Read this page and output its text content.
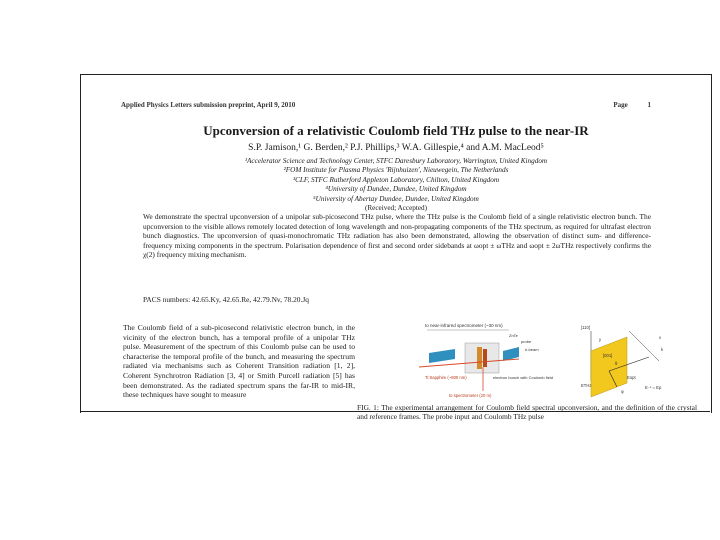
Applied Physics Letters submission preprint, April 9, 2010	Page	1
Upconversion of a relativistic Coulomb field THz pulse to the near-IR
S.P. Jamison,¹ G. Berden,² P.J. Phillips,³ W.A. Gillespie,⁴ and A.M. MacLeod⁵
¹Accelerator Science and Technology Center, STFC Daresbury Laboratory, Warrington, United Kingdom
²FOM Institute for Plasma Physics 'Rijnhuizen', Nieuwegein, The Netherlands
³CLF, STFC Rutherford Appleton Laboratory, Chilton, United Kingdom
⁴University of Dundee, Dundee, United Kingdom
⁵University of Abertay Dundee, Dundee, United Kingdom
(Received; Accepted)
We demonstrate the spectral upconversion of a unipolar sub-picosecond THz pulse, where the THz pulse is the Coulomb field of a single relativistic electron bunch. The upconversion to the visible allows remotely located detection of long wavelength and non-propagating components of the THz spectrum, as required for ultrafast electron bunch diagnostics. The upconversion of quasi-monochromatic THz radiation has also been demonstrated, allowing the observation of distinct sum- and difference-frequency mixing components in the spectrum. Polarisation dependence of first and second order sidebands at ωopt ± ωTHz and ωopt ± 2ωTHz respectively confirms the χ(2) frequency mixing mechanism.
PACS numbers: 42.65.Ky, 42.65.Re, 42.79.Nv, 78.20.Jq
The Coulomb field of a sub-picosecond relativistic electron bunch, in the vicinity of the electron bunch, has a temporal profile of a unipolar THz pulse. Measurement of the spectrum of this Coulomb pulse can be used to characterise the temporal profile of the bunch, and measuring the spectrum radiated via mechanisms such as Coherent Transition radiation [1, 2], Coherent Synchrotron Radiation [3, 4] or Smith Purcell radiation [5] has been demonstrated. As the radiated spectrum spans the far-IR to mid-IR, these techniques have sought to measure
to near-infrared spectrometer (~30 nm)
Ti:Sapphire (~800 nm)	electron bunch with Coulomb field
ZnTe
probe
e-beam
to spectrometer (20 m)
[110]
y
[001]
x
k
ETHz
Eopt
E⁻¹ = Ep
θ
φ
FIG. 1: The experimental arrangement for Coulomb field spectral upconversion, and the definition of the crystal and reference frames. The probe input and Coulomb THz pulse
